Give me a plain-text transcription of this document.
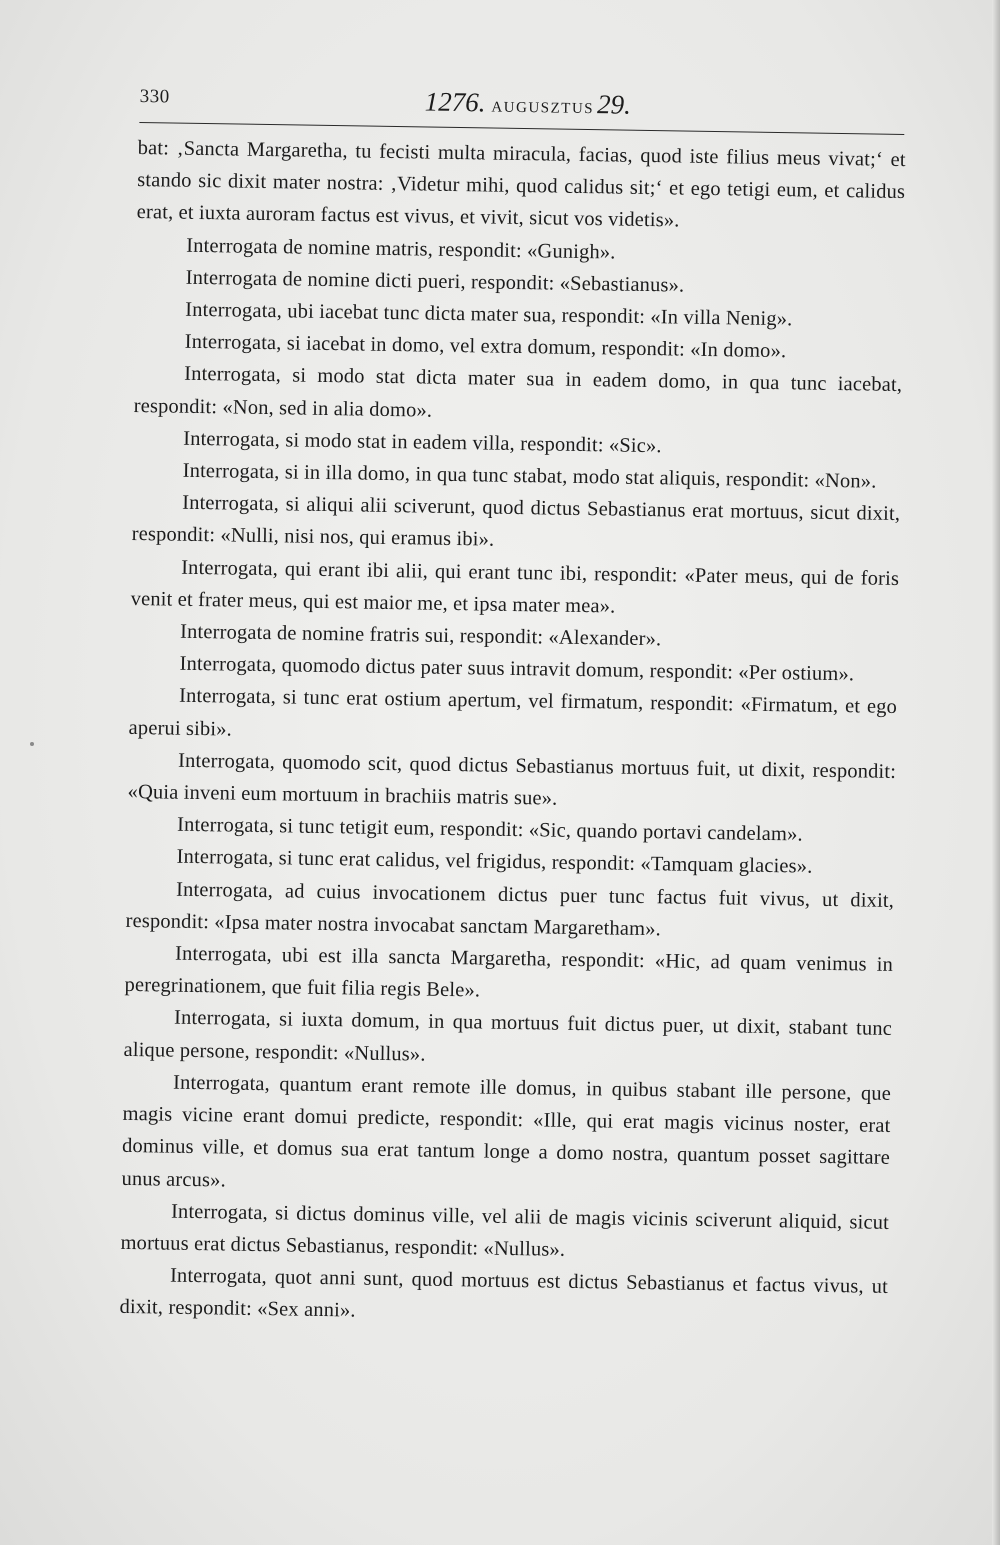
330	1276. AUGUSZTUS 29.

bat: ‚Sancta Margaretha, tu fecisti multa miracula, facias, quod iste filius meus vivat;‘ et stando sic dixit mater nostra: ‚Videtur mihi, quod calidus sit;‘ et ego tetigi eum, et calidus erat, et iuxta auroram factus est vivus, et vivit, sicut vos videtis».

Interrogata de nomine matris, respondit: «Gunigh».

Interrogata de nomine dicti pueri, respondit: «Sebastianus».

Interrogata, ubi iacebat tunc dicta mater sua, respondit: «In villa Nenig».

Interrogata, si iacebat in domo, vel extra domum, respondit: «In domo».

Interrogata, si modo stat dicta mater sua in eadem domo, in qua tunc iacebat, respondit: «Non, sed in alia domo».

Interrogata, si modo stat in eadem villa, respondit: «Sic».

Interrogata, si in illa domo, in qua tunc stabat, modo stat aliquis, respondit: «Non».

Interrogata, si aliqui alii sciverunt, quod dictus Sebastianus erat mortuus, sicut dixit, respondit: «Nulli, nisi nos, qui eramus ibi».

Interrogata, qui erant ibi alii, qui erant tunc ibi, respondit: «Pater meus, qui de foris venit et frater meus, qui est maior me, et ipsa mater mea».

Interrogata de nomine fratris sui, respondit: «Alexander».

Interrogata, quomodo dictus pater suus intravit domum, respondit: «Per ostium».

Interrogata, si tunc erat ostium apertum, vel firmatum, respondit: «Firmatum, et ego aperui sibi».

Interrogata, quomodo scit, quod dictus Sebastianus mortuus fuit, ut dixit, respondit: «Quia inveni eum mortuum in brachiis matris sue».

Interrogata, si tunc tetigit eum, respondit: «Sic, quando portavi candelam».

Interrogata, si tunc erat calidus, vel frigidus, respondit: «Tamquam glacies».

Interrogata, ad cuius invocationem dictus puer tunc factus fuit vivus, ut dixit, respondit: «Ipsa mater nostra invocabat sanctam Margaretham».

Interrogata, ubi est illa sancta Margaretha, respondit: «Hic, ad quam venimus in peregrinationem, que fuit filia regis Bele».

Interrogata, si iuxta domum, in qua mortuus fuit dictus puer, ut dixit, stabant tunc alique persone, respondit: «Nullus».

Interrogata, quantum erant remote ille domus, in quibus stabant ille persone, que magis vicine erant domui predicte, respondit: «Ille, qui erat magis vicinus noster, erat dominus ville, et domus sua erat tantum longe a domo nostra, quantum posset sagittare unus arcus».

Interrogata, si dictus dominus ville, vel alii de magis vicinis sciverunt aliquid, sicut mortuus erat dictus Sebastianus, respondit: «Nullus».

Interrogata, quot anni sunt, quod mortuus est dictus Sebastianus et factus vivus, ut dixit, respondit: «Sex anni».
